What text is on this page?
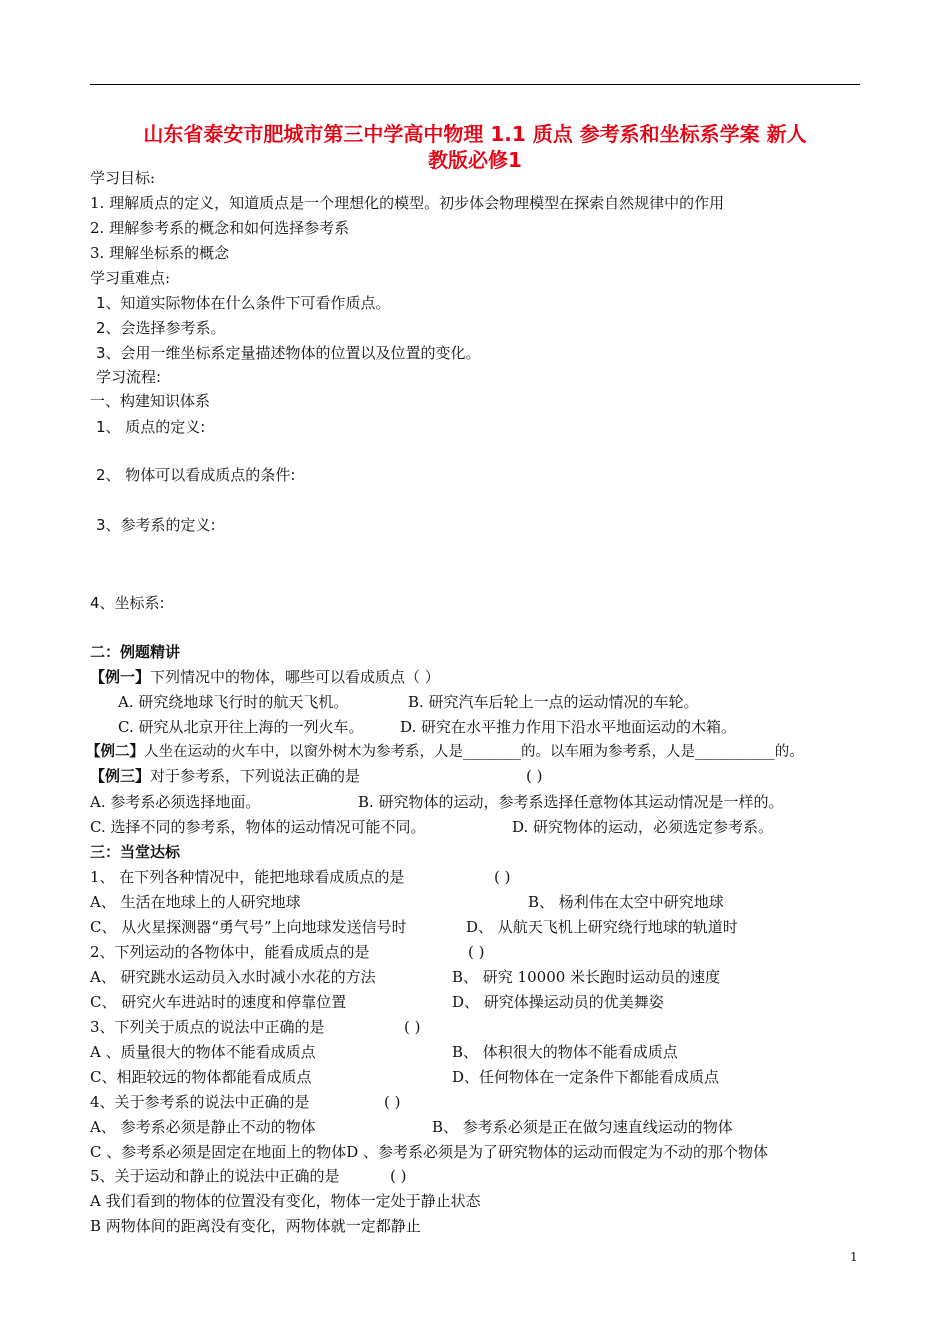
山东省泰安市肥城市第三中学高中物理 1.1 质点 参考系和坐标系学案 新人
教版必修1
学习目标:
1. 理解质点的定义，知道质点是一个理想化的模型。初步体会物理模型在探索自然规律中的作用
2. 理解参考系的概念和如何选择参考系
3. 理解坐标系的概念
学习重难点:
1、知道实际物体在什么条件下可看作质点。
2、会选择参考系。
3、会用一维坐标系定量描述物体的位置以及位置的变化。
学习流程:
一、构建知识体系
1、 质点的定义:
2、 物体可以看成质点的条件:
3、参考系的定义:
4、坐标系:
二：例题精讲
【例一】下列情况中的物体，哪些可以看成质点（ ）
A. 研究绕地球飞行时的航天飞机。	B. 研究汽车后轮上一点的运动情况的车轮。
C. 研究从北京开往上海的一列火车。 D. 研究在水平推力作用下沿水平地面运动的木箱。
【例二】人坐在运动的火车中，以窗外树木为参考系，人是________的。以车厢为参考系，人是___________的。
【例三】对于参考系，下列说法正确的是	( )
A. 参考系必须选择地面。	B. 研究物体的运动，参考系选择任意物体其运动情况是一样的。
C. 选择不同的参考系，物体的运动情况可能不同。	D. 研究物体的运动，必须选定参考系。
三：当堂达标
1、 在下列各种情况中，能把地球看成质点的是	( )
A、 生活在地球上的人研究地球	B、 杨利伟在太空中研究地球
C、 从火星探测器“勇气号”上向地球发送信号时	D、 从航天飞机上研究绕行地球的轨道时
2、下列运动的各物体中，能看成质点的是	( )
A、 研究跳水运动员入水时减小水花的方法	B、 研究 10000 米长跑时运动员的速度
C、 研究火车进站时的速度和停靠位置	D、 研究体操运动员的优美舞姿
3、下列关于质点的说法中正确的是	( )
A 、质量很大的物体不能看成质点	B、 体积很大的物体不能看成质点
C、相距较远的物体都能看成质点	D、任何物体在一定条件下都能看成质点
4、关于参考系的说法中正确的是	( )
A、 参考系必须是静止不动的物体	B、 参考系必须是正在做匀速直线运动的物体
C 、参考系必须是固定在地面上的物体D 、参考系必须是为了研究物体的运动而假定为不动的那个物体
5、关于运动和静止的说法中正确的是	( )
A 我们看到的物体的位置没有变化，物体一定处于静止状态
B 两物体间的距离没有变化，两物体就一定都静止
1
